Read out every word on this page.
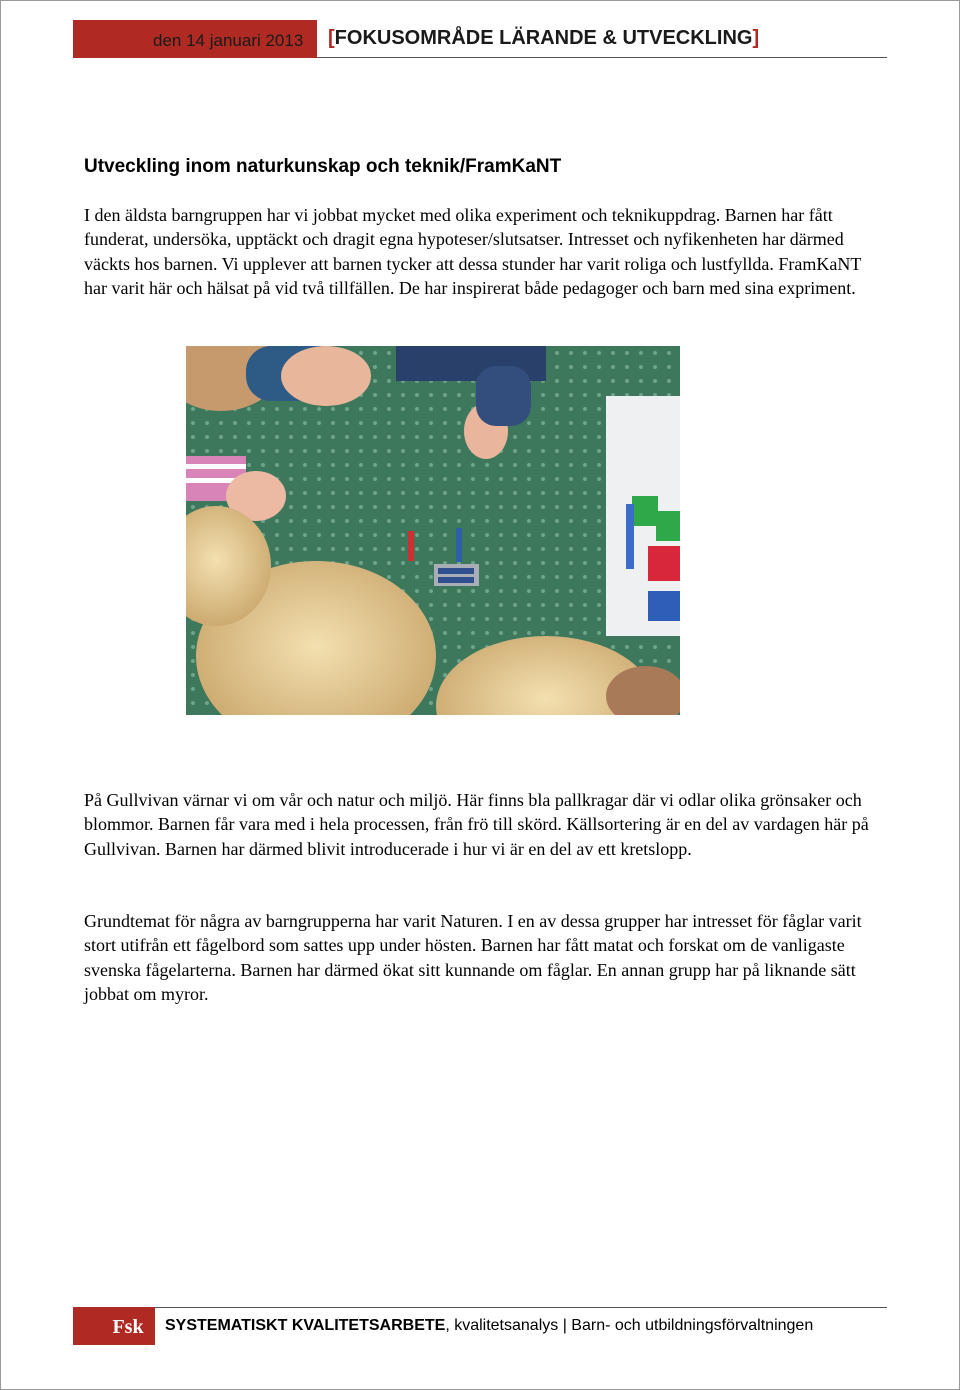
den 14 januari 2013 [FOKUSOMRÅDE LÄRANDE & UTVECKLING]
Utveckling inom naturkunskap och teknik/FramKaNT

I den äldsta barngruppen har vi jobbat mycket med olika experiment och teknikuppdrag. Barnen har fått funderat, undersöka, upptäckt och dragit egna hypoteser/slutsatser. Intresset och nyfikenheten har därmed väckts hos barnen. Vi upplever att barnen tycker att dessa stunder har varit roliga och lustfyllda. FramKaNT har varit här och hälsat på vid två tillfällen. De har inspirerat både pedagoger och barn med sina expriment.

På Gullvivan värnar vi om vår och natur och miljö. Här finns bla pallkragar där vi odlar olika grönsaker och blommor. Barnen får vara med i hela processen, från frö till skörd. Källsortering är en del av vardagen här på Gullvivan. Barnen har därmed blivit introducerade i hur vi är en del av ett kretslopp.

Grundtemat för några av barngrupperna har varit Naturen. I en av dessa grupper har intresset för fåglar varit stort utifrån ett fågelbord som sattes upp under hösten. Barnen har fått matat och forskat om de vanligaste svenska fågelarterna. Barnen har därmed ökat sitt kunnande om fåglar. En annan grupp har på liknande sätt jobbat om myror.

Fsk	SYSTEMATISKT KVALITETSARBETE, kvalitetsanalys | Barn- och utbildningsförvaltningen
